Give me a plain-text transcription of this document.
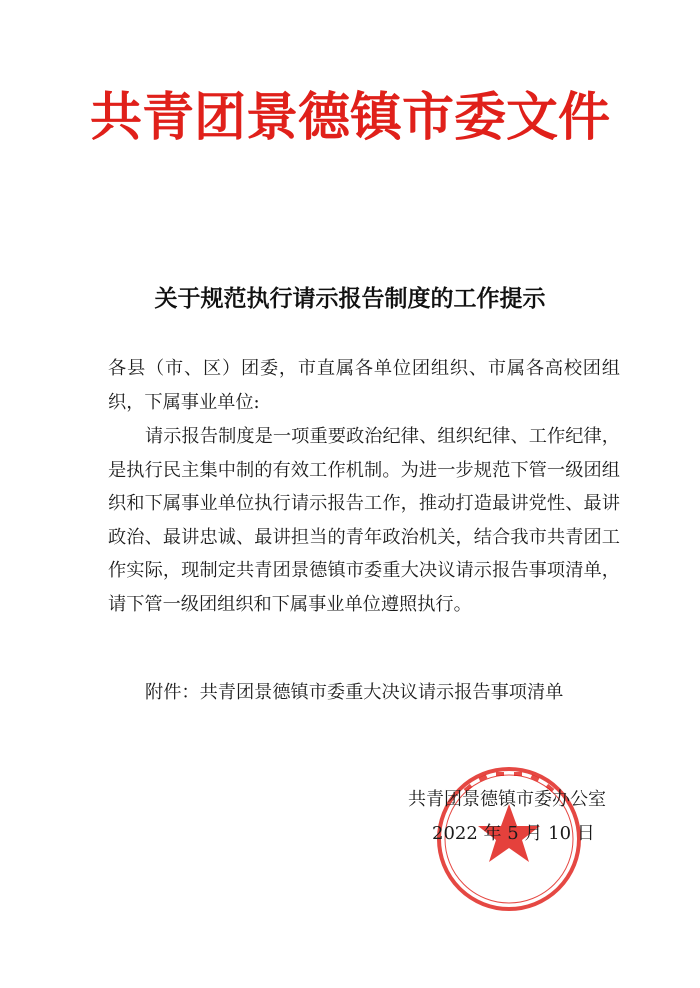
共青团景德镇市委文件
关于规范执行请示报告制度的工作提示
各县（市、区）团委，市直属各单位团组织、市属各高校团组织，下属事业单位:
请示报告制度是一项重要政治纪律、组织纪律、工作纪律，是执行民主集中制的有效工作机制。为进一步规范下管一级团组织和下属事业单位执行请示报告工作，推动打造最讲党性、最讲政治、最讲忠诚、最讲担当的青年政治机关，结合我市共青团工作实际，现制定共青团景德镇市委重大决议请示报告事项清单，请下管一级团组织和下属事业单位遵照执行。
附件：共青团景德镇市委重大决议请示报告事项清单
共青团景德镇市委办公室
2022 年 5 月 10 日
